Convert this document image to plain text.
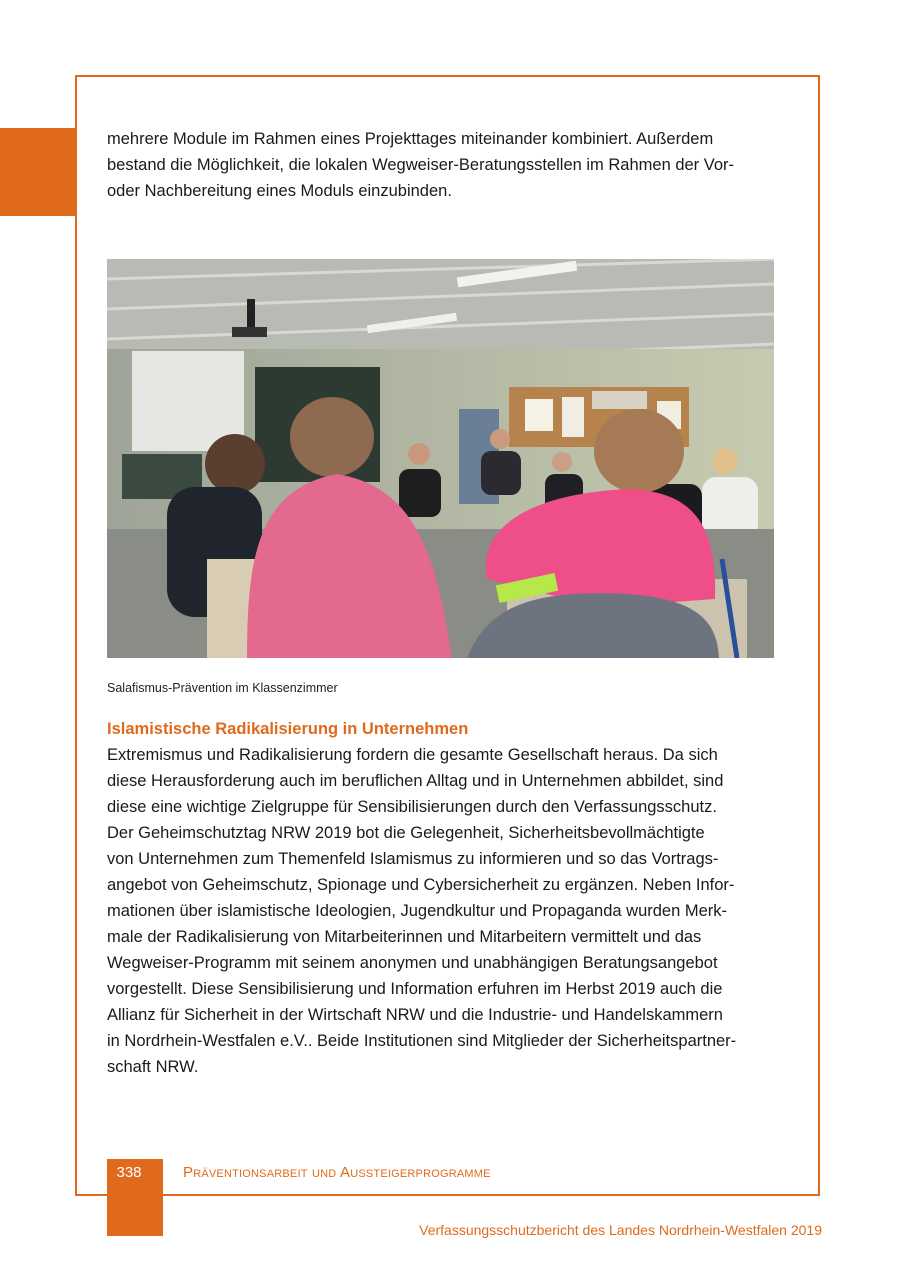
mehrere Module im Rahmen eines Projekttages miteinander kombiniert. Außerdem
bestand die Möglichkeit, die lokalen Wegweiser-Beratungsstellen im Rahmen der Vor-
oder Nachbereitung eines Moduls einzubinden.
Salafismus-Prävention im Klassenzimmer
Islamistische Radikalisierung in Unternehmen
Extremismus und Radikalisierung fordern die gesamte Gesellschaft heraus. Da sich
diese Herausforderung auch im beruflichen Alltag und in Unternehmen abbildet, sind
diese eine wichtige Zielgruppe für Sensibilisierungen durch den Verfassungsschutz.
Der Geheimschutztag NRW 2019 bot die Gelegenheit, Sicherheitsbevollmächtigte
von Unternehmen zum Themenfeld Islamismus zu informieren und so das Vortrags-
angebot von Geheimschutz, Spionage und Cybersicherheit zu ergänzen. Neben Infor-
mationen über islamistische Ideologien, Jugendkultur und Propaganda wurden Merk-
male der Radikalisierung von Mitarbeiterinnen und Mitarbeitern vermittelt und das
Wegweiser-Programm mit seinem anonymen und unabhängigen Beratungsangebot
vorgestellt. Diese Sensibilisierung und Information erfuhren im Herbst 2019 auch die
Allianz für Sicherheit in der Wirtschaft NRW und die Industrie- und Handelskammern
in Nordrhein-Westfalen e.V.. Beide Institutionen sind Mitglieder der Sicherheitspartner-
schaft NRW.
338	Präventionsarbeit und Aussteigerprogramme
Verfassungsschutzbericht des Landes Nordrhein-Westfalen 2019
